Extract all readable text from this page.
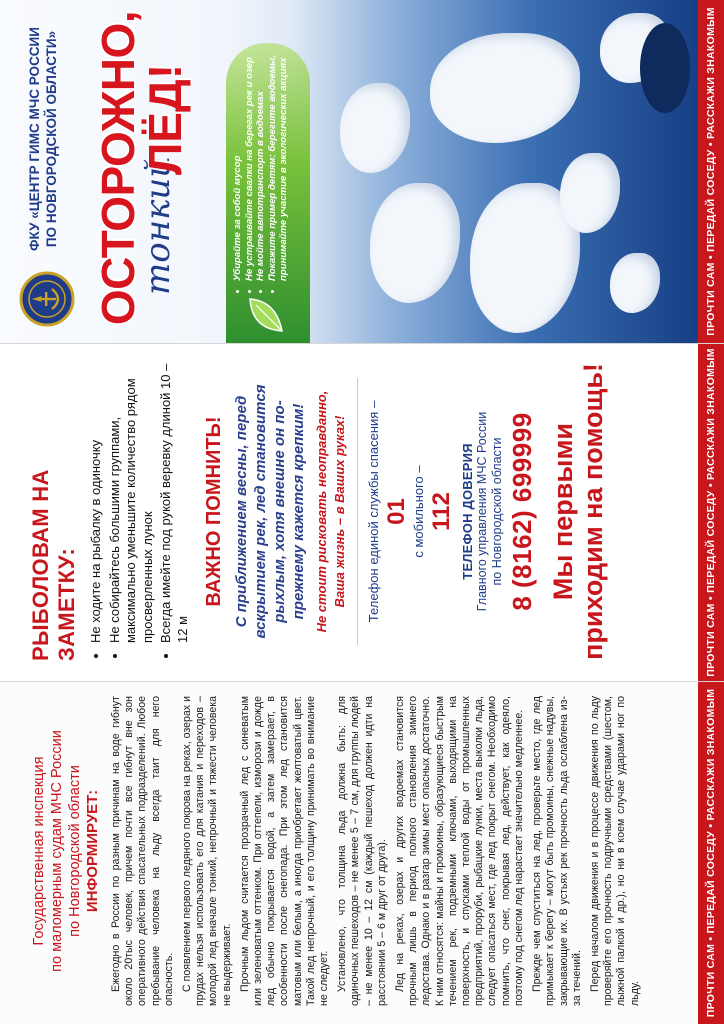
Государственная инспекция по маломерным судам МЧС России по Новгородской области ИНФОРМИРУЕТ: Ежегодно в России по разным причинам на воде гибнут около 20тыс человек, причем почти все гибнут вне зон оперативного действия спасательных подразделений. Любое пребывание человека на льду всегда таит для него опасность. С появлением первого ледяного покрова на реках, озерах и прудах нельзя использовать его для катания и переходов – молодой лед вначале тонкий, непрочный и тяжести человека не выдерживает. Прочным льдом считается прозрачный лед с синеватым или зеленоватым оттенком. При оттепели, изморози и дожде лед обычно покрывается водой, а затем замерзает, в особенности после снегопада. При этом лед становится матовым или белым, а иногда приобретает желтоватый цвет. Такой лед непрочный, и его толщину принимать во внимание не следует. Установлено, что толщина льда должна быть: для одиночных пешеходов – не менее 5 – 7 см, для группы людей – не менее 10 – 12 см (каждый пешеход должен идти на расстоянии 5 – 6 м друг от друга). Лед на реках, озерах и других водоемах становится прочным лишь в период полного становления зимнего ледостава. Однако и в разгар зимы мест опасных достаточно. К ним относятся: майны и промоины, образующиеся быстрым течением рек, подземными ключами, выходящими на поверхность, и спусками теплой воды от промышленных предприятий, проруби, рыбацкие лунки, места выколки льда, следует опасаться мест, где лед покрыт снегом. Необходимо помнить, что снег, покрывая лед, действует, как одеяло, поэтому под снегом лед нарастает значительно медленнее. Прежде чем спуститься на лед, проверьте место, где лед примыкает к берегу – могут быть промоины, снежные надувы, закрывающие их. В устьях рек прочность льда ослаблена из-за течений. Перед началом движения и в процессе движения по льду проверяйте его прочность подручными средствами (шестом, лыжной палкой и др.), но ни в коем случае ударами ног по льду.	ПРОЧТИ САМ • ПЕРЕДАЙ СОСЕДУ • РАССКАЖИ ЗНАКОМЫМ
РЫБОЛОВАМ НА ЗАМЕТКУ: • Не ходите на рыбалку в одиночку • Не собирайтесь большими группами, максимально уменьшите количество рядом просверленных лунок • Всегда имейте под рукой веревку длиной 10 – 12 м
ВАЖНО ПОМНИТЬ! С приближением весны, перед вскрытием рек, лед становится рыхлым, хотя внешне он по-прежнему кажется крепким! Не стоит рисковать неоправданно, Ваша жизнь – в Ваших руках! Телефон единой службы спасения – 01 с мобильного – 112 ТЕЛЕФОН ДОВЕРИЯ Главного управления МЧС России по Новгородской области 8 (8162) 699999 Мы первыми приходим на помощь!	ПРОЧТИ САМ • ПЕРЕДАЙ СОСЕДУ • РАССКАЖИ ЗНАКОМЫМ
ФКУ «ЦЕНТР ГИМС МЧС РОССИИ ПО НОВГОРОДСКОЙ ОБЛАСТИ» ОСТОРОЖНО,
тонкий
ЛЁД!
• Убирайте за собой мусор • Не устраивайте свалки на берегах рек и озер • Не мойте автотранспорт в водоемах • Покажите пример детям: берегите водоемы, принимайте участие в экологических акциях	ПРОЧТИ САМ • ПЕРЕДАЙ СОСЕДУ • РАССКАЖИ ЗНАКОМЫМ
